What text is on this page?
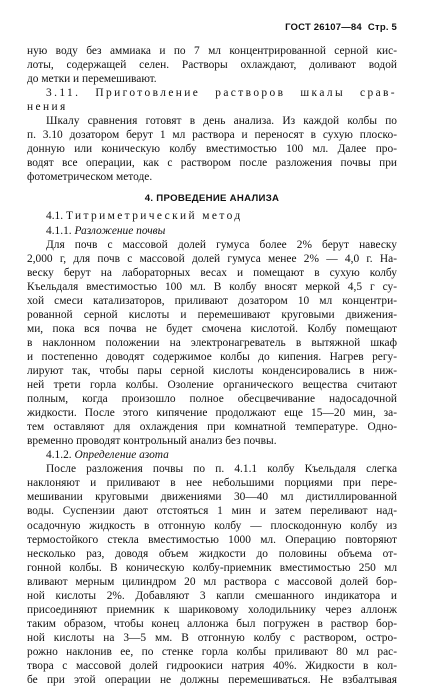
ГОСТ 26107—84 Стр. 5
ную воду без аммиака и по 7 мл концентрированной серной кис-
лоты, содержащей селен. Растворы охлаждают, доливают водой
до метки и перемешивают.
3.11. Приготовление растворов шкалы срав-
нения
Шкалу сравнения готовят в день анализа. Из каждой колбы по
п. 3.10 дозатором берут 1 мл раствора и переносят в сухую плоско-
донную или коническую колбу вместимостью 100 мл. Далее про-
водят все операции, как с раствором после разложения почвы при
фотометрическом методе.
4. ПРОВЕДЕНИЕ АНАЛИЗА
4.1. Титриметрический метод
4.1.1. Разложение почвы
Для почв с массовой долей гумуса более 2% берут навеску
2,000 г, для почв с массовой долей гумуса менее 2% — 4,0 г. На-
веску берут на лабораторных весах и помещают в сухую колбу
Къельдаля вместимостью 100 мл. В колбу вносят меркой 4,5 г су-
хой смеси катализаторов, приливают дозатором 10 мл концентри-
рованной серной кислоты и перемешивают круговыми движения-
ми, пока вся почва не будет смочена кислотой. Колбу помещают
в наклонном положении на электронагреватель в вытяжной шкаф
и постепенно доводят содержимое колбы до кипения. Нагрев регу-
лируют так, чтобы пары серной кислоты конденсировались в ниж-
ней трети горла колбы. Озоление органического вещества считают
полным, когда произошло полное обесцвечивание надосадочной
жидкости. После этого кипячение продолжают еще 15—20 мин, за-
тем оставляют для охлаждения при комнатной температуре. Одно-
временно проводят контрольный анализ без почвы.
4.1.2. Определение азота
После разложения почвы по п. 4.1.1 колбу Къельдаля слегка
наклоняют и приливают в нее небольшими порциями при пере-
мешивании круговыми движениями 30—40 мл дистиллированной
воды. Суспензии дают отстояться 1 мин и затем переливают над-
осадочную жидкость в отгонную колбу — плоскодонную колбу из
термостойкого стекла вместимостью 1000 мл. Операцию повторяют
несколько раз, доводя объем жидкости до половины объема от-
гонной колбы. В коническую колбу-приемник вместимостью 250 мл
вливают мерным цилиндром 20 мл раствора с массовой долей бор-
ной кислоты 2%. Добавляют 3 капли смешанного индикатора и
присоединяют приемник к шариковому холодильнику через аллонж
таким образом, чтобы конец аллонжа был погружен в раствор бор-
ной кислоты на 3—5 мм. В отгонную колбу с раствором, остро-
рожно наклонив ее, по стенке горла колбы приливают 80 мл рас-
твора с массовой долей гидроокиси натрия 40%. Жидкости в кол-
бе при этой операции не должны перемешиваться. Не взбалтывая
